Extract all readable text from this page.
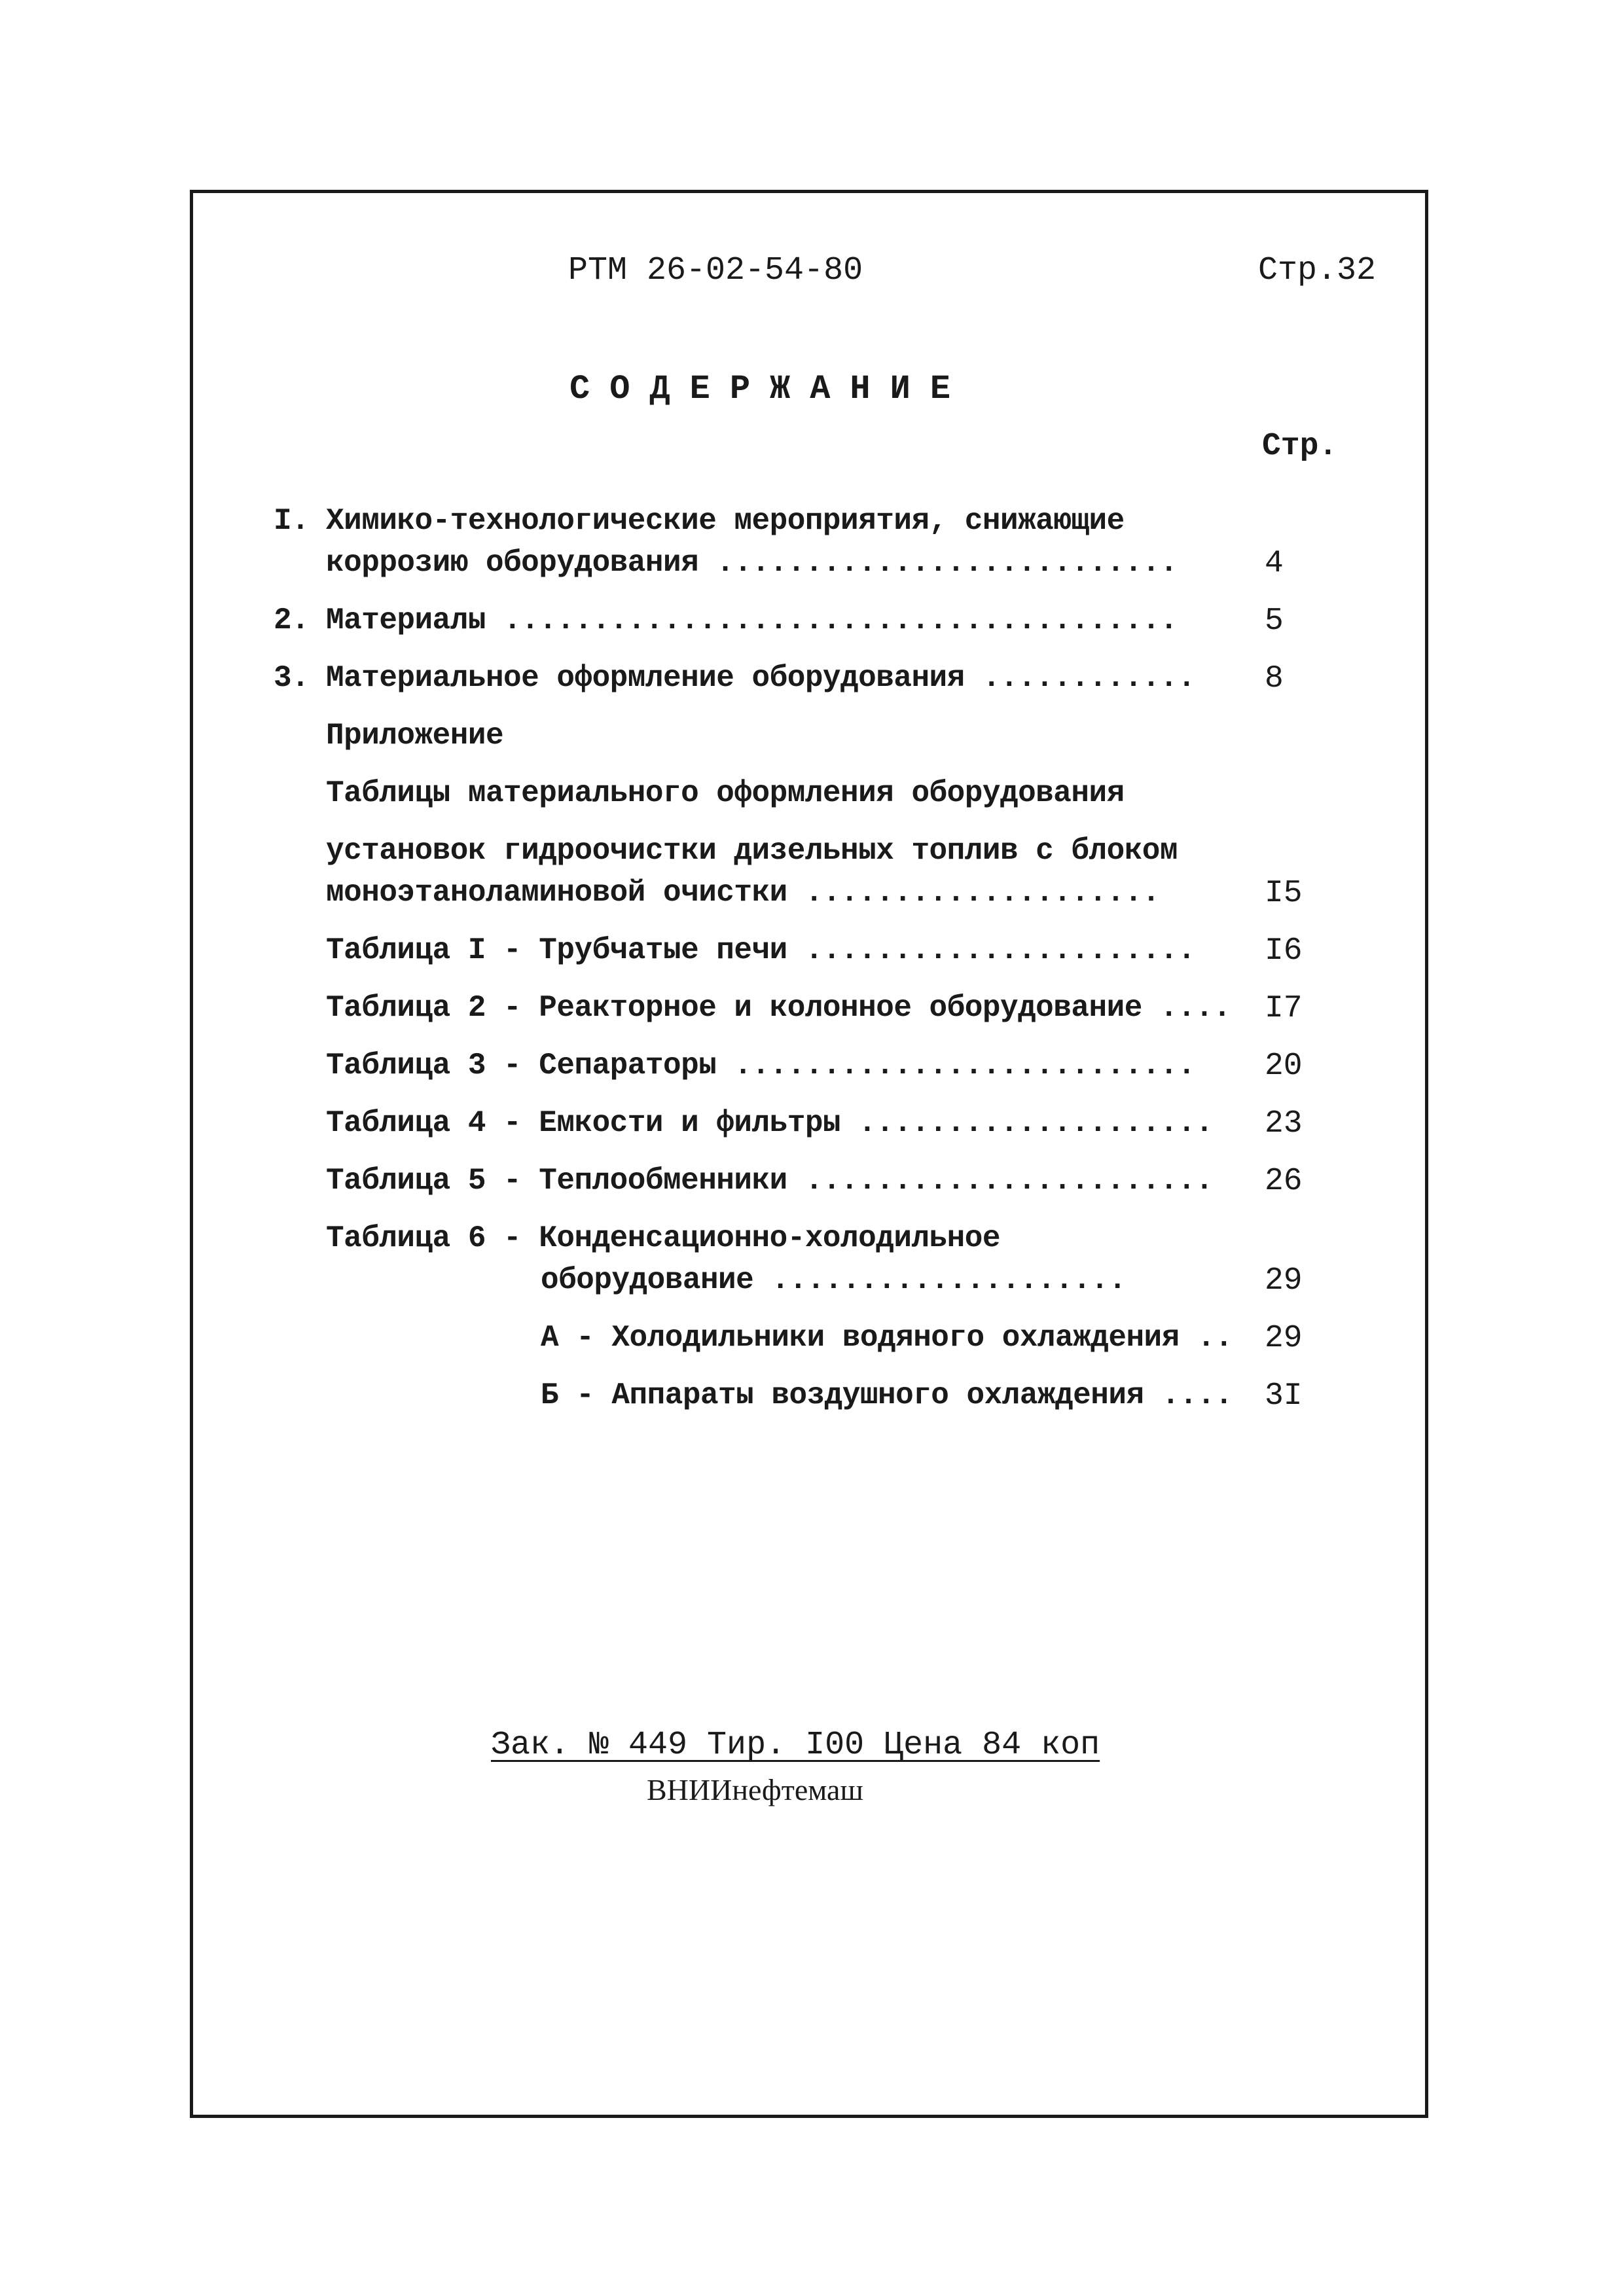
РТМ 26-02-54-80	Стр.32
СОДЕРЖАНИЕ
Стр.
I. Химико-технологические мероприятия, снижающие
коррозию оборудования ..........................	4
2. Материалы ......................................	5
3. Материальное оформление оборудования ............ 8
Приложение
Таблицы материального оформления оборудования
установок гидроочистки дизельных топлив с блоком
моноэтаноламиновой очистки ....................	I5
Таблица I - Трубчатые печи ...................... I6
Таблица 2 - Реакторное и колонное оборудование .... I7
Таблица 3 - Сепараторы .......................... 20
Таблица 4 - Емкости и фильтры .................... 23
Таблица 5 - Теплообменники ....................... 26
Таблица 6 - Конденсационно-холодильное
оборудование ....................	29
А - Холодильники водяного охлаждения .. 29
Б - Аппараты воздушного охлаждения .... 3I
Зак. № 449 Тир. I00 Цена 84 коп
ВНИИнефтемаш
